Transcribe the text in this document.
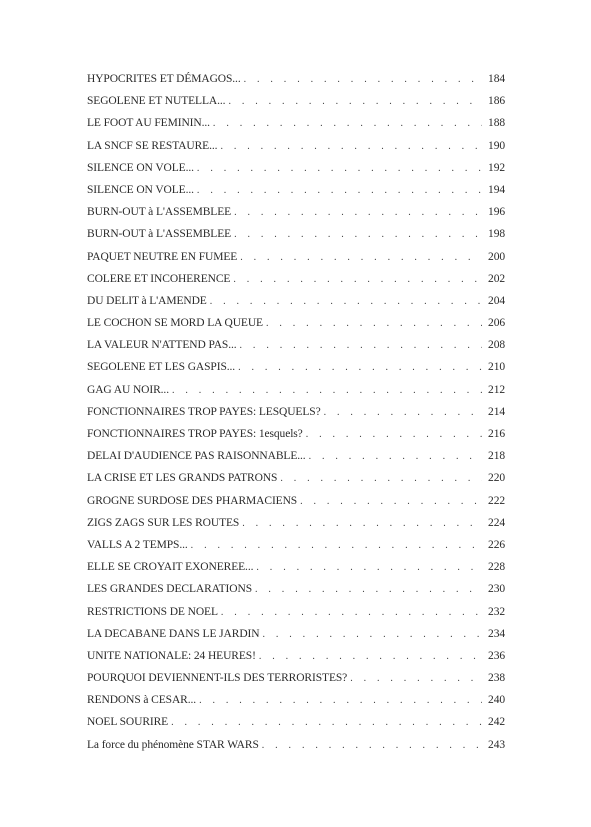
HYPOCRITES ET DÉMAGOS... . . .	184
SEGOLENE ET NUTELLA... . . .	186
LE FOOT AU FEMININ... . . .	188
LA SNCF SE RESTAURE... . . .	190
SILENCE ON VOLE... . . .	192
SILENCE ON VOLE... . . .	194
BURN-OUT à L'ASSEMBLEE . . .	196
BURN-OUT à L'ASSEMBLEE . . .	198
PAQUET NEUTRE EN FUMEE . . .	200
COLERE ET INCOHERENCE . . .	202
DU DELIT à L'AMENDE . . .	204
LE COCHON SE MORD LA QUEUE . . .	206
LA VALEUR N'ATTEND PAS... . . .	208
SEGOLENE ET LES GASPIS... . . .	210
GAG AU NOIR... . . .	212
FONCTIONNAIRES TROP PAYES: LESQUELS? . . .	214
FONCTIONNAIRES TROP PAYES: 1esquels? . . .	216
DELAI D'AUDIENCE PAS RAISONNABLE... . . .	218
LA CRISE ET LES GRANDS PATRONS . . .	220
GROGNE SURDOSE DES PHARMACIENS . . .	222
ZIGS ZAGS SUR LES ROUTES . . .	224
VALLS A 2 TEMPS... . . .	226
ELLE SE CROYAIT EXONEREE... . . .	228
LES GRANDES DECLARATIONS . . .	230
RESTRICTIONS DE NOEL . . .	232
LA DECABANE DANS LE JARDIN . . .	234
UNITE NATIONALE: 24 HEURES! . . .	236
POURQUOI DEVIENNENT-ILS DES TERRORISTES? . . .	238
RENDONS à CESAR... . . .	240
NOEL SOURIRE . . .	242
La force du phénomène STAR WARS . . .	243
